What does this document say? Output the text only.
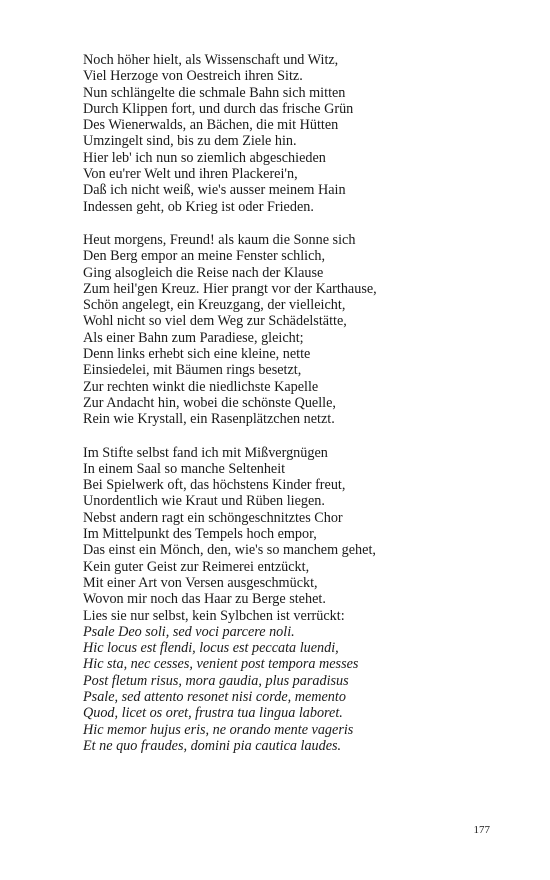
Noch höher hielt, als Wissenschaft und Witz,
Viel Herzoge von Oestreich ihren Sitz.
Nun schlängelte die schmale Bahn sich mitten
Durch Klippen fort, und durch das frische Grün
Des Wienerwalds, an Bächen, die mit Hütten
Umzingelt sind, bis zu dem Ziele hin.
Hier leb' ich nun so ziemlich abgeschieden
Von eu'rer Welt und ihren Plackerei'n,
Daß ich nicht weiß, wie's ausser meinem Hain
Indessen geht, ob Krieg ist oder Frieden.
Heut morgens, Freund! als kaum die Sonne sich
Den Berg empor an meine Fenster schlich,
Ging alsogleich die Reise nach der Klause
Zum heil'gen Kreuz. Hier prangt vor der Karthause,
Schön angelegt, ein Kreuzgang, der vielleicht,
Wohl nicht so viel dem Weg zur Schädelstätte,
Als einer Bahn zum Paradiese, gleicht;
Denn links erhebt sich eine kleine, nette
Einsiedelei, mit Bäumen rings besetzt,
Zur rechten winkt die niedlichste Kapelle
Zur Andacht hin, wobei die schönste Quelle,
Rein wie Krystall, ein Rasenplätzchen netzt.
Im Stifte selbst fand ich mit Mißvergnügen
In einem Saal so manche Seltenheit
Bei Spielwerk oft, das höchstens Kinder freut,
Unordentlich wie Kraut und Rüben liegen.
Nebst andern ragt ein schöngeschnitztes Chor
Im Mittelpunkt des Tempels hoch empor,
Das einst ein Mönch, den, wie's so manchem gehet,
Kein guter Geist zur Reimerei entzückt,
Mit einer Art von Versen ausgeschmückt,
Wovon mir noch das Haar zu Berge stehet.
Lies sie nur selbst, kein Sylbchen ist verrückt:
Psale Deo soli, sed voci parcere noli.
Hic locus est flendi, locus est peccata luendi,
Hic sta, nec cesses, venient post tempora messes
Post fletum risus, mora gaudia, plus paradisus
Psale, sed attento resonet nisi corde, memento
Quod, licet os oret, frustra tua lingua laboret.
Hic memor hujus eris, ne orando mente vageris
Et ne quo fraudes, domini pia cautica laudes.
177
